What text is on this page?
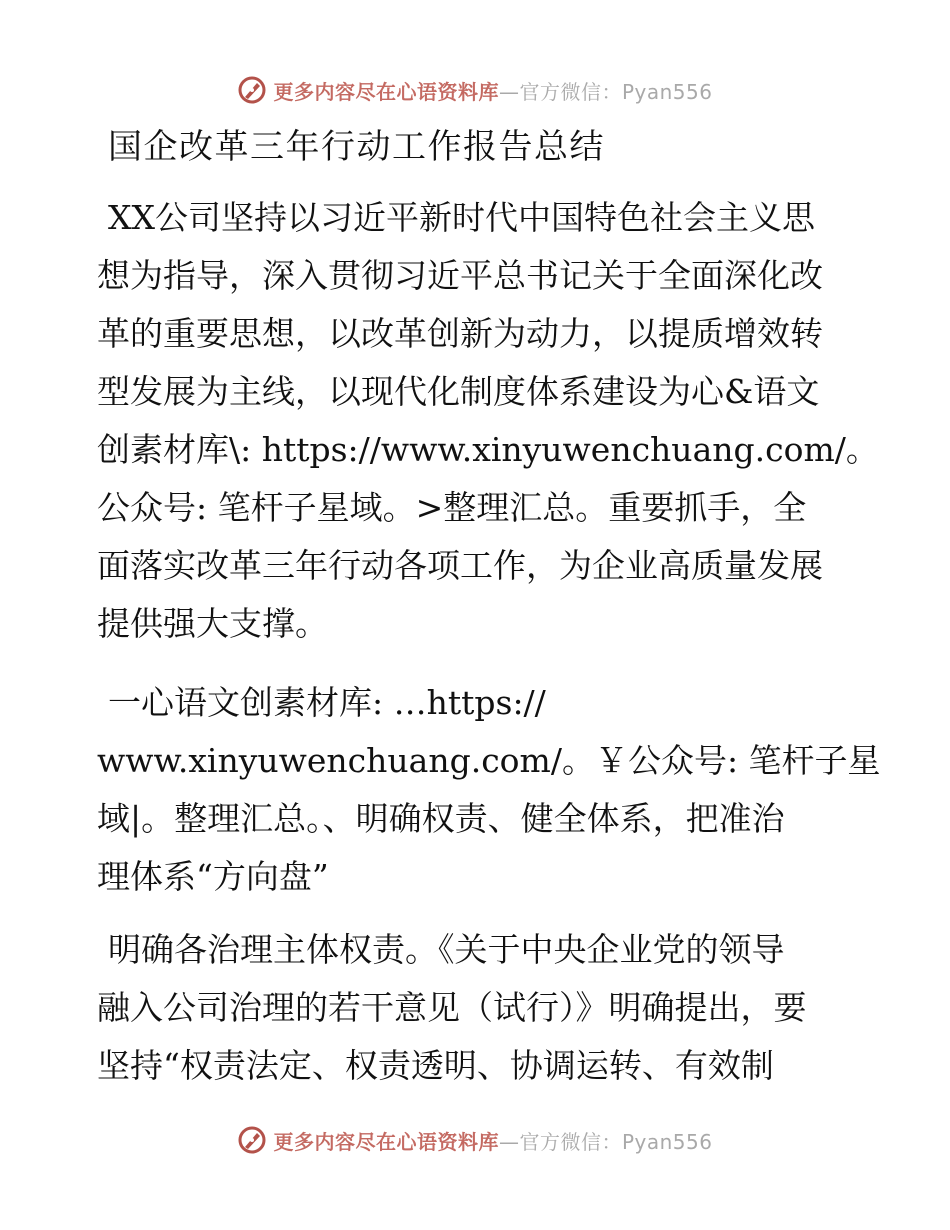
更多内容尽在心语资料库—官方微信：Pyan556
国企改革三年行动工作报告总结
XX公司坚持以习近平新时代中国特色社会主义思
想为指导，深入贯彻习近平总书记关于全面深化改
革的重要思想，以改革创新为动力，以提质增效转
型发展为主线，以现代化制度体系建设为心&语文
创素材库\: https://www.xinyuwenchuang.com/。
公众号: 笔杆子星域。>整理汇总。重要抓手，全
面落实改革三年行动各项工作，为企业高质量发展
提供强大支撑。
一心语文创素材库: …https://
www.xinyuwenchuang.com/。￥公众号: 笔杆子星
域|。整理汇总。、明确权责、健全体系，把准治
理体系“方向盘”
明确各治理主体权责。《关于中央企业党的领导
融入公司治理的若干意见（试行）》明确提出，要
坚持“权责法定、权责透明、协调运转、有效制
更多内容尽在心语资料库—官方微信：Pyan556
